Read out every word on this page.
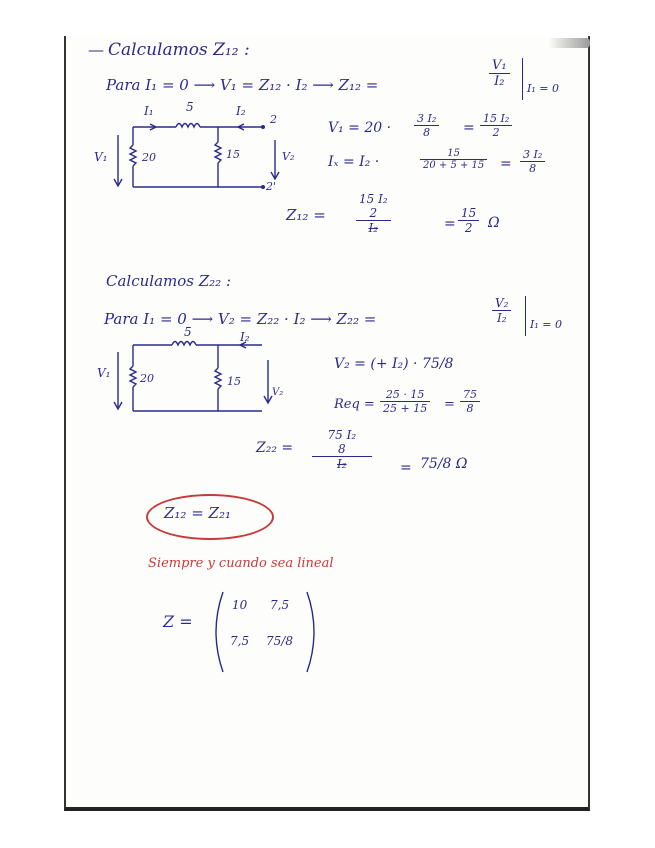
— Calculamos Z₁₂ :
Para I₁ = 0 ⟶ V₁ = Z₁₂ · I₂ ⟶ Z₁₂ =	$\frac{\text{V₁}}{\text{I₂}} I_1 = 0$
$V_1 = 20 \cdot \frac{\text{3 I₂}}{8} = \frac{\text{15 I₂}}{2}$
Iₓ = I₂ ·	$\frac{15}{20 + 5 + 15} = \frac{\text{3 I₂}}{8}$
Z₁₂ =
15 I₂
2
I₂	= $\frac{15}{2}$ Ω
I₁	5	I₂
2
2'
V₁	20	15	V₂
Calculamos Z₂₂ :
Para I₁ = 0 ⟶ V₂ = Z₂₂ · I₂ ⟶ Z₂₂ =	$\frac{\text{V₂}}{\text{I₂}} I_1 = 0$
5	I₂
V₁	20	15
V₂
V₂ = (+ I₂) · 75/8
Req = $\frac{25 \cdot 15}{25 + 15} = \frac{75}{8}$
Z₂₂ =
75 I₂
8
I₂	= 75/8 Ω
Z₁₂ = Z₂₁
Siempre y cuando sea lineal
Z =
10 7,5
7,5 75/8
